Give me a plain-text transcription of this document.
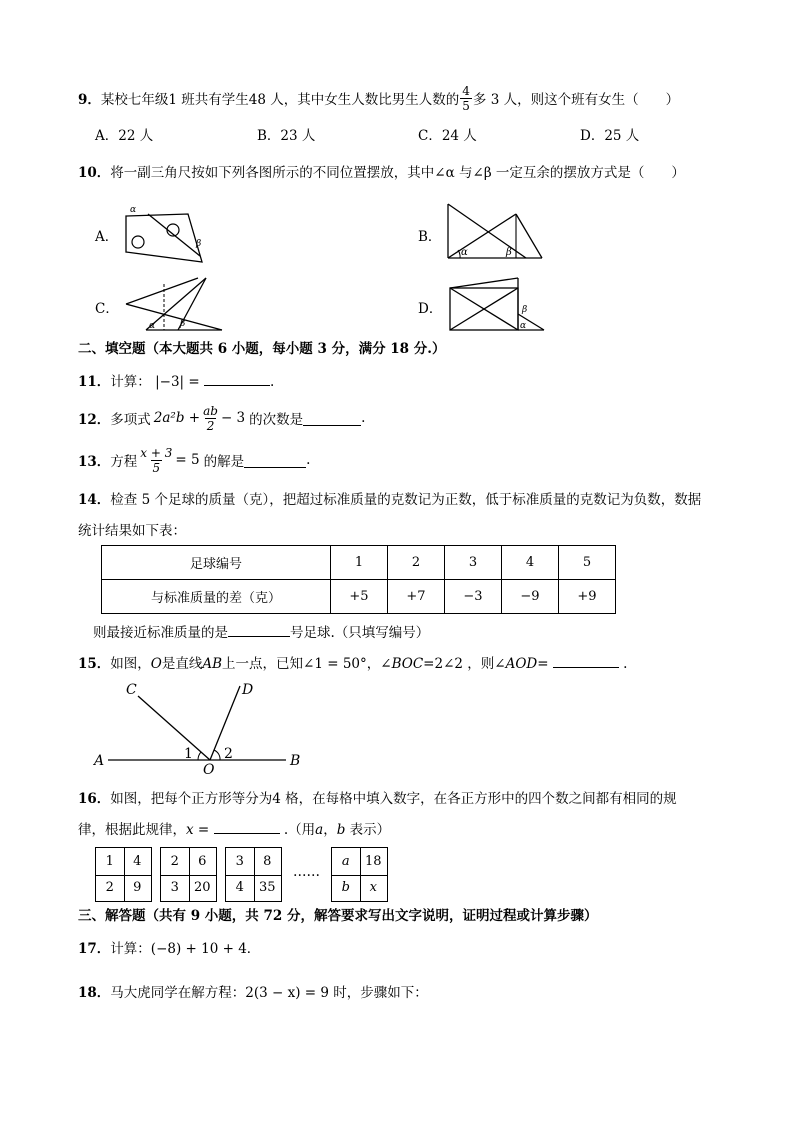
9． 某校七年级1 班共有学生48 人，其中女生人数比男生人数的 $\frac{4}{5}$ 多 3 人，则这个班有女生（　　）
A．22 人	B．23 人	C．24 人	D．25 人
10．将一副三角尺按如下列各图所示的不同位置摆放，其中∠α 与∠β 一定互余的摆放方式是（　　）
A．
α
β	B．
α	β
C．
α	β
D．	β
α
二、填空题（本大题共 6 小题，每小题 3 分，满分 18 分.）
11．计算： |−3| =	.
12． 多项式 $2a^2b + \frac{ab}{2} - 3$ 的次数是	.
13． 方程 $\frac{x + 3}{5} = 5$ 的解是	.
14．检查 5 个足球的质量（克），把超过标准质量的克数记为正数，低于标准质量的克数记为负数，数据
统计结果如下表：
足球编号	1	2	3	4	5
与标准质量的差（克）	+5	+7	−3	−9	+9
则最接近标准质量的是	号足球.（只填写编号）
15．如图，O是直线AB上一点，已知∠1 = 50°，∠BOC=2∠2 ，则∠AOD=	.
A	B
C	D
O
1 2
16．如图，把每个正方形等分为4 格，在每格中填入数字，在各正方形中的四个数之间都有相同的规
律，根据此规律，x =	.（用a，b 表示）
1	4
2	9
2	6
3	20
3	8
4	35
……
a	18
b	x
三、解答题（共有 9 小题，共 72 分，解答要求写出文字说明，证明过程或计算步骤）
17．计算：(−8) + 10 + 4．
18．马大虎同学在解方程：2(3 − x) = 9 时，步骤如下：
